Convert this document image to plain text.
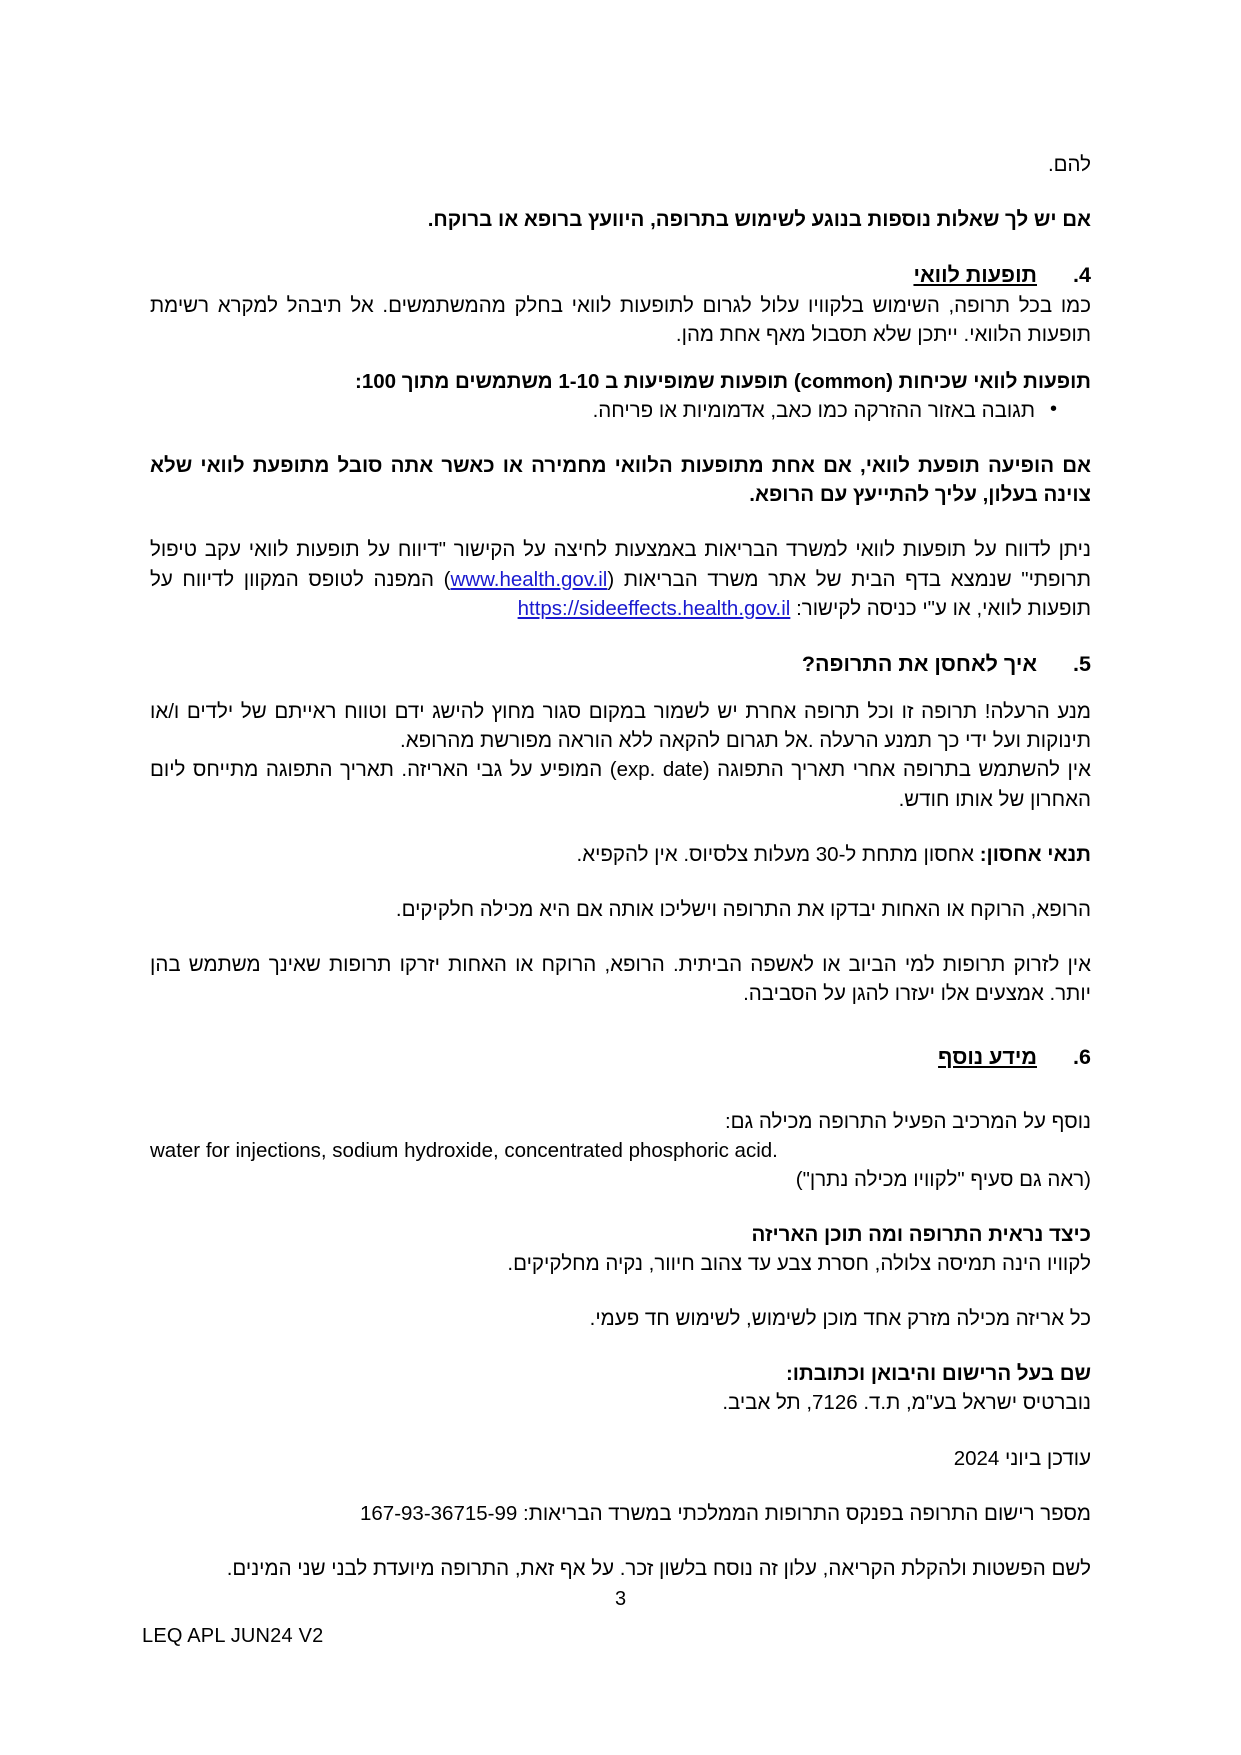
להם.

אם יש לך שאלות נוספות בנוגע לשימוש בתרופה, היוועץ ברופא או ברוקח.

4.
תופעות לוואי

כמו בכל תרופה, השימוש בלקוויו עלול לגרום לתופעות לוואי בחלק מהמשתמשים. אל תיבהל למקרא רשימת תופעות הלוואי. ייתכן שלא תסבול מאף אחת מהן.

תופעות לוואי שכיחות (common) תופעות שמופיעות ב 1-10 משתמשים מתוך 100:

• תגובה באזור ההזרקה כמו כאב, אדמומיות או פריחה.

אם הופיעה תופעת לוואי, אם אחת מתופעות הלוואי מחמירה או כאשר אתה סובל מתופעת לוואי שלא צוינה בעלון, עליך להתייעץ עם הרופא.

ניתן לדווח על תופעות לוואי למשרד הבריאות באמצעות לחיצה על הקישור "דיווח על תופעות לוואי עקב טיפול תרופתי" שנמצא בדף הבית של אתר משרד הבריאות (www.health.gov.il) המפנה לטופס המקוון לדיווח על תופעות לוואי, או ע"י כניסה לקישור: https://sideeffects.health.gov.il

5.
איך לאחסן את התרופה?

מנע הרעלה! תרופה זו וכל תרופה אחרת יש לשמור במקום סגור מחוץ להישג ידם וטווח ראייתם של ילדים ו/או תינוקות ועל ידי כך תמנע הרעלה .אל תגרום להקאה ללא הוראה מפורשת מהרופא.

אין להשתמש בתרופה אחרי תאריך התפוגה (exp. date) המופיע על גבי האריזה. תאריך התפוגה מתייחס ליום האחרון של אותו חודש.

תנאי אחסון: אחסון מתחת ל-30 מעלות צלסיוס. אין להקפיא.

הרופא, הרוקח או האחות יבדקו את התרופה וישליכו אותה אם היא מכילה חלקיקים.

אין לזרוק תרופות למי הביוב או לאשפה הביתית. הרופא, הרוקח או האחות יזרקו תרופות שאינך משתמש בהן יותר. אמצעים אלו יעזרו להגן על הסביבה.

6.
מידע נוסף

נוסף על המרכיב הפעיל התרופה מכילה גם:

water for injections, sodium hydroxide, concentrated phosphoric acid.

(ראה גם סעיף "לקוויו מכילה נתרן")

כיצד נראית התרופה ומה תוכן האריזה

לקוויו הינה תמיסה צלולה, חסרת צבע עד צהוב חיוור, נקיה מחלקיקים.

כל אריזה מכילה מזרק אחד מוכן לשימוש, לשימוש חד פעמי.

שם בעל הרישום והיבואן וכתובתו:

נוברטיס ישראל בע"מ, ת.ד. 7126, תל אביב.

עודכן ביוני 2024

מספר רישום התרופה בפנקס התרופות הממלכתי במשרד הבריאות: 167-93-36715-99

לשם הפשטות ולהקלת הקריאה, עלון זה נוסח בלשון זכר. על אף זאת, התרופה מיועדת לבני שני המינים.

3
LEQ APL JUN24 V2
